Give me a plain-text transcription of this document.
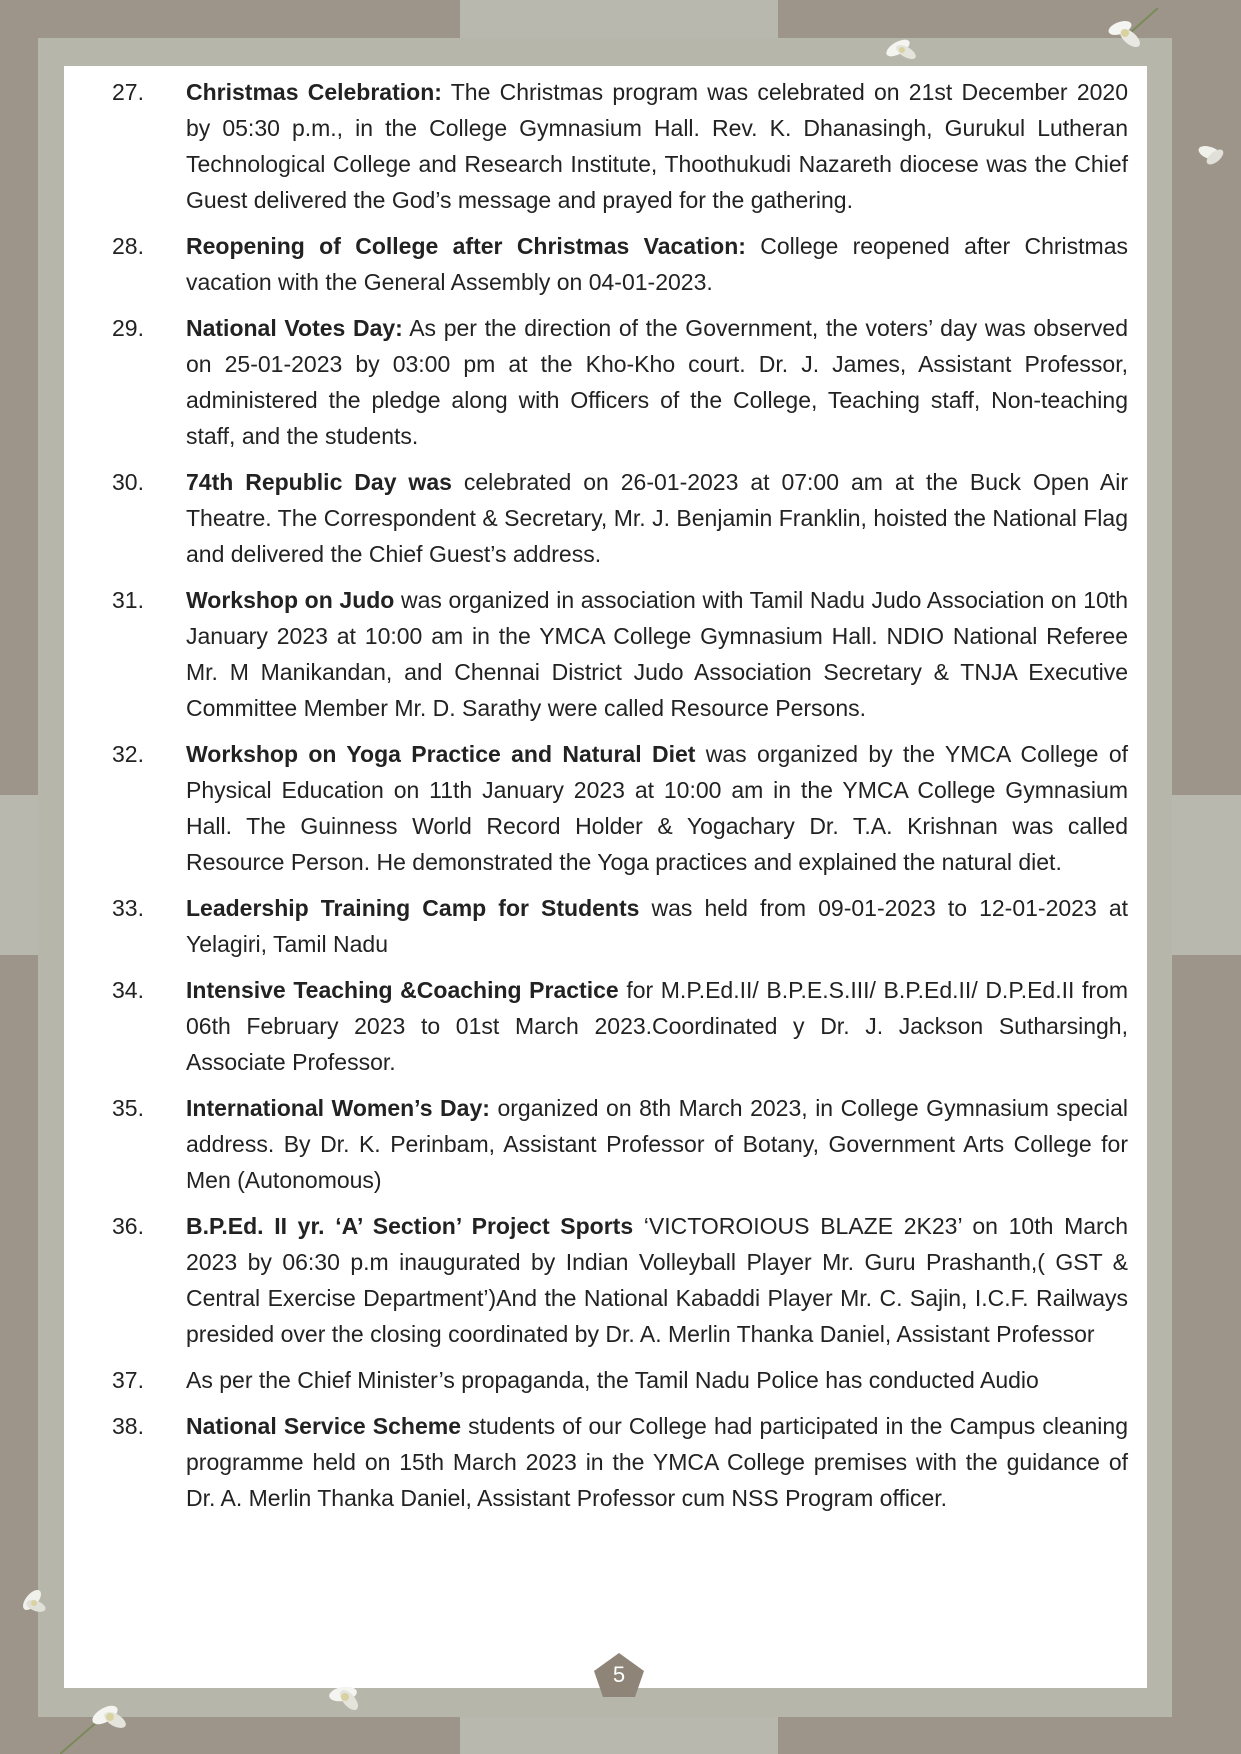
27.	Christmas Celebration: The Christmas program was celebrated on 21st December 2020 by 05:30 p.m., in the College Gymnasium Hall. Rev. K. Dhanasingh, Gurukul Lutheran Technological College and Research Institute, Thoothukudi Nazareth diocese was the Chief Guest delivered the God’s message and prayed for the gathering.
28.	Reopening of College after Christmas Vacation: College reopened after Christmas vacation with the General Assembly on 04-01-2023.
29.	National Votes Day: As per the direction of the Government, the voters’ day was observed on 25-01-2023 by 03:00 pm at the Kho-Kho court. Dr. J. James, Assistant Professor, administered the pledge along with Officers of the College, Teaching staff, Non-teaching staff, and the students.
30.	74th Republic Day was celebrated on 26-01-2023 at 07:00 am at the Buck Open Air Theatre. The Correspondent & Secretary, Mr. J. Benjamin Franklin, hoisted the National Flag and delivered the Chief Guest’s address.
31.	Workshop on Judo was organized in association with Tamil Nadu Judo Association on 10th January 2023 at 10:00 am in the YMCA College Gymnasium Hall. NDIO National Referee Mr. M Manikandan, and Chennai District Judo Association Secretary & TNJA Executive Committee Member Mr. D. Sarathy were called Resource Persons.
32.	Workshop on Yoga Practice and Natural Diet was organized by the YMCA College of Physical Education on 11th January 2023 at 10:00 am in the YMCA College Gymnasium Hall. The Guinness World Record Holder & Yogachary Dr. T.A. Krishnan was called Resource Person. He demonstrated the Yoga practices and explained the natural diet.
33.	Leadership Training Camp for Students was held from 09-01-2023 to 12-01-2023 at Yelagiri, Tamil Nadu
34.	Intensive Teaching &Coaching Practice for M.P.Ed.II/ B.P.E.S.III/ B.P.Ed.II/ D.P.Ed.II from 06th February 2023 to 01st March 2023.Coordinated y Dr. J. Jackson Sutharsingh, Associate Professor.
35.	International Women’s Day: organized on 8th March 2023, in College Gymnasium special address. By Dr. K. Perinbam, Assistant Professor of Botany, Government Arts College for Men (Autonomous)
36.	B.P.Ed. II yr. ‘A’ Section’ Project Sports ‘VICTOROIOUS BLAZE 2K23’ on 10th March 2023 by 06:30 p.m inaugurated by Indian Volleyball Player Mr. Guru Prashanth,( GST & Central Exercise Department’)And the National Kabaddi Player Mr. C. Sajin, I.C.F. Railways presided over the closing coordinated by Dr. A. Merlin Thanka Daniel, Assistant Professor
37.	As per the Chief Minister’s propaganda, the Tamil Nadu Police has conducted Audio
38.	National Service Scheme students of our College had participated in the Campus cleaning programme held on 15th March 2023 in the YMCA College premises with the guidance of Dr. A. Merlin Thanka Daniel, Assistant Professor cum NSS Program officer.
5
